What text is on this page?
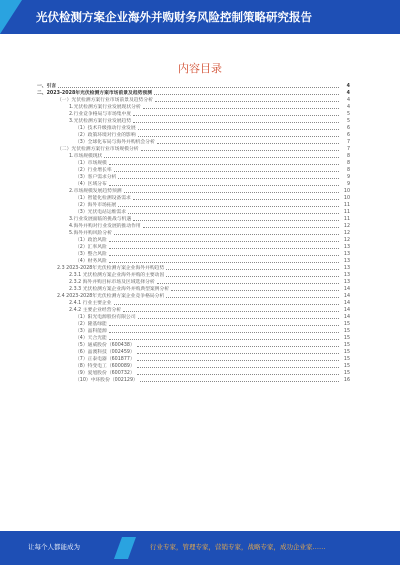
光伏检测方案企业海外并购财务风险控制策略研究报告
内容目录
一、引言	4
二、2023-2028年光伏检测方案市场前景及趋势预测	4
（一）光伏检测方案行业市场前景及趋势分析	4
1.光伏检测方案行业发展现状分析	4
2.行业竞争格局与市场集中度	5
3.光伏检测方案行业发展趋势	5
（1）技术升级推动行业发展	6
（2）政策环境对行业的影响	6
（3）全球化布局与海外并购机会分析	7
（二）光伏检测方案行业市场规模分析	7
1.市场规模现状	8
（1）市场规模	8
（2）行业增长率	8
（3）客户需求分析	9
（4）区域分布	9
2.市场规模发展趋势预测	10
（1）智能化检测设备需求	10
（2）海外市场拓展	11
（3）光伏电站运维需求	11
3.行业发展面临的挑战与机遇	11
4.海外并购对行业发展的推动作用	12
5.海外并购风险分析	12
（1）政治风险	12
（2）汇率风险	13
（3）整合风险	13
（4）财务风险	13
2.3 2023-2028年光伏检测方案企业海外并购趋势	13
2.3.1 光伏检测方案企业海外并购的主要动因	13
2.3.2 海外并购目标市场及区域选择分析	13
2.3.3 光伏检测方案企业海外并购典型案例分析	14
2.4 2023-2028年光伏检测方案企业竞争格局分析	14
2.4.1 行业主要企业	14
2.4.2 主要企业经营分析	14
（1）阳光电源股份有限公司	14
（2）隆基绿能	15
（3）晶科能源	15
（4）天合光能	15
（5）通威股份（600438）	15
（6）晶澳科技（002459）	15
（7）正泰电器（601877）	15
（8）特变电工（600089）	15
（9）爱旭股份（600732）	15
（10）中环股份（002129）	16
让每个人都能成为	行业专家，管理专家，营销专家，战略专家，成功企业家……
